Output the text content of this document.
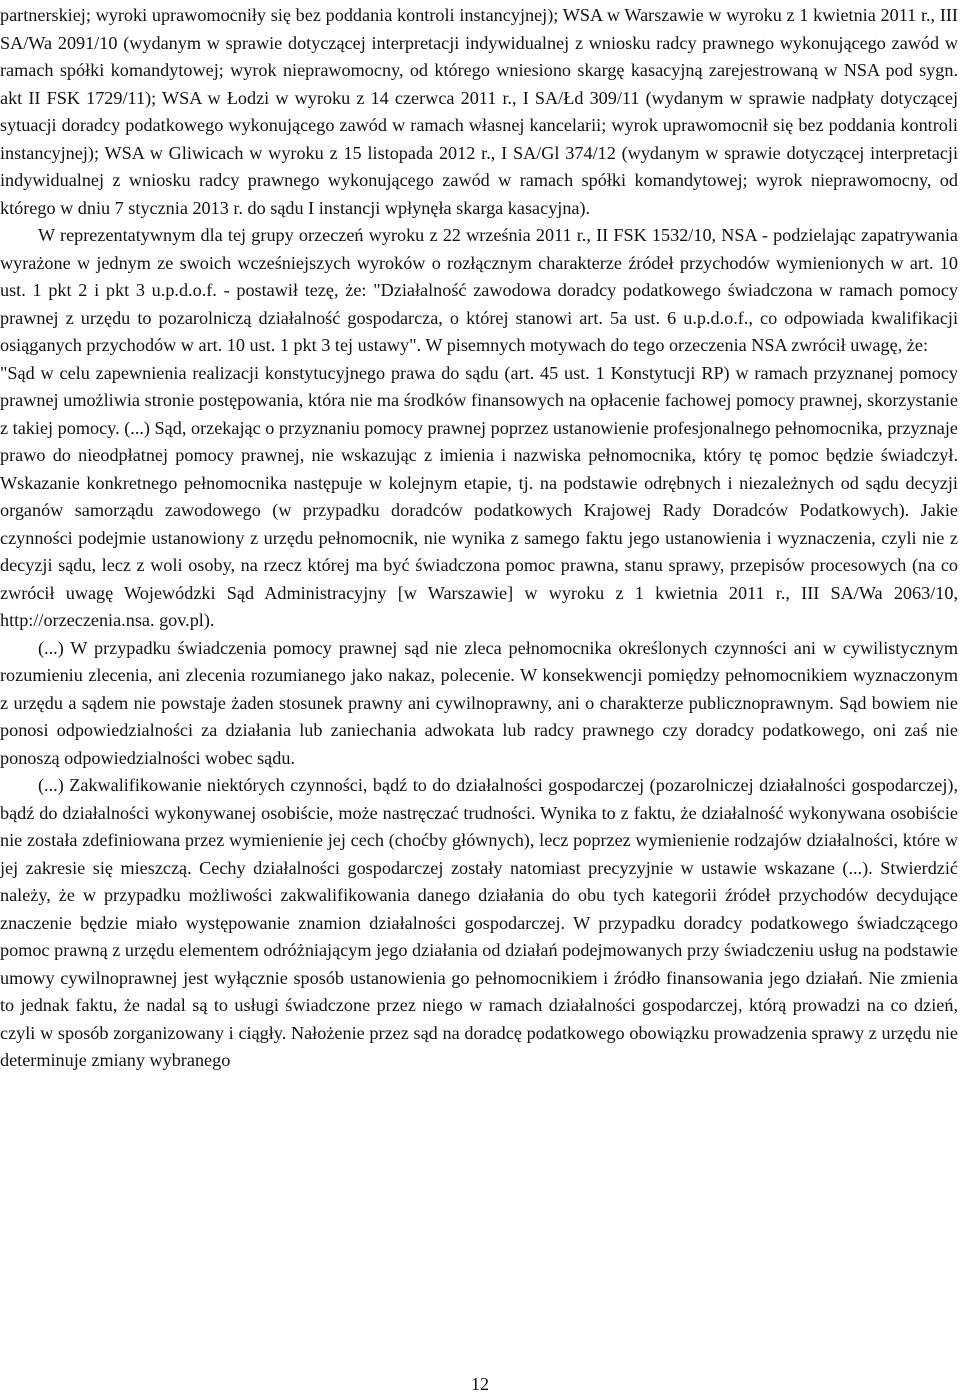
partnerskiej; wyroki uprawomocniły się bez poddania kontroli instancyjnej); WSA w Warszawie w wyroku z 1 kwietnia 2011 r., III SA/Wa 2091/10 (wydanym w sprawie dotyczącej interpretacji indywidualnej z wniosku radcy prawnego wykonującego zawód w ramach spółki komandytowej; wyrok nieprawomocny, od którego wniesiono skargę kasacyjną zarejestrowaną w NSA pod sygn. akt II FSK 1729/11); WSA w Łodzi w wyroku z 14 czerwca 2011 r., I SA/Łd 309/11 (wydanym w sprawie nadpłaty dotyczącej sytuacji doradcy podatkowego wykonującego zawód w ramach własnej kancelarii; wyrok uprawomocnił się bez poddania kontroli instancyjnej); WSA w Gliwicach w wyroku z 15 listopada 2012 r., I SA/Gl 374/12 (wydanym w sprawie dotyczącej interpretacji indywidualnej z wniosku radcy prawnego wykonującego zawód w ramach spółki komandytowej; wyrok nieprawomocny, od którego w dniu 7 stycznia 2013 r. do sądu I instancji wpłynęła skarga kasacyjna).

W reprezentatywnym dla tej grupy orzeczeń wyroku z 22 września 2011 r., II FSK 1532/10, NSA - podzielając zapatrywania wyrażone w jednym ze swoich wcześniejszych wyroków o rozłącznym charakterze źródeł przychodów wymienionych w art. 10 ust. 1 pkt 2 i pkt 3 u.p.d.o.f. - postawił tezę, że: "Działalność zawodowa doradcy podatkowego świadczona w ramach pomocy prawnej z urzędu to pozarolniczą działalność gospodarcza, o której stanowi art. 5a ust. 6 u.p.d.o.f., co odpowiada kwalifikacji osiąganych przychodów w art. 10 ust. 1 pkt 3 tej ustawy". W pisemnych motywach do tego orzeczenia NSA zwrócił uwagę, że:

"Sąd w celu zapewnienia realizacji konstytucyjnego prawa do sądu (art. 45 ust. 1 Konstytucji RP) w ramach przyznanej pomocy prawnej umożliwia stronie postępowania, która nie ma środków finansowych na opłacenie fachowej pomocy prawnej, skorzystanie z takiej pomocy. (...) Sąd, orzekając o przyznaniu pomocy prawnej poprzez ustanowienie profesjonalnego pełnomocnika, przyznaje prawo do nieodpłatnej pomocy prawnej, nie wskazując z imienia i nazwiska pełnomocnika, który tę pomoc będzie świadczył. Wskazanie konkretnego pełnomocnika następuje w kolejnym etapie, tj. na podstawie odrębnych i niezależnych od sądu decyzji organów samorządu zawodowego (w przypadku doradców podatkowych Krajowej Rady Doradców Podatkowych). Jakie czynności podejmie ustanowiony z urzędu pełnomocnik, nie wynika z samego faktu jego ustanowienia i wyznaczenia, czyli nie z decyzji sądu, lecz z woli osoby, na rzecz której ma być świadczona pomoc prawna, stanu sprawy, przepisów procesowych (na co zwrócił uwagę Wojewódzki Sąd Administracyjny [w Warszawie] w wyroku z 1 kwietnia 2011 r., III SA/Wa 2063/10, http://orzeczenia.nsa. gov.pl).

(...) W przypadku świadczenia pomocy prawnej sąd nie zleca pełnomocnika określonych czynności ani w cywilistycznym rozumieniu zlecenia, ani zlecenia rozumianego jako nakaz, polecenie. W konsekwencji pomiędzy pełnomocnikiem wyznaczonym z urzędu a sądem nie powstaje żaden stosunek prawny ani cywilnoprawny, ani o charakterze publicznoprawnym. Sąd bowiem nie ponosi odpowiedzialności za działania lub zaniechania adwokata lub radcy prawnego czy doradcy podatkowego, oni zaś nie ponoszą odpowiedzialności wobec sądu.

(...) Zakwalifikowanie niektórych czynności, bądź to do działalności gospodarczej (pozarolniczej działalności gospodarczej), bądź do działalności wykonywanej osobiście, może nastręczać trudności. Wynika to z faktu, że działalność wykonywana osobiście nie została zdefiniowana przez wymienienie jej cech (choćby głównych), lecz poprzez wymienienie rodzajów działalności, które w jej zakresie się mieszczą. Cechy działalności gospodarczej zostały natomiast precyzyjnie w ustawie wskazane (...). Stwierdzić należy, że w przypadku możliwości zakwalifikowania danego działania do obu tych kategorii źródeł przychodów decydujące znaczenie będzie miało występowanie znamion działalności gospodarczej. W przypadku doradcy podatkowego świadczącego pomoc prawną z urzędu elementem odróżniającym jego działania od działań podejmowanych przy świadczeniu usług na podstawie umowy cywilnoprawnej jest wyłącznie sposób ustanowienia go pełnomocnikiem i źródło finansowania jego działań. Nie zmienia to jednak faktu, że nadal są to usługi świadczone przez niego w ramach działalności gospodarczej, którą prowadzi na co dzień, czyli w sposób zorganizowany i ciągły. Nałożenie przez sąd na doradcę podatkowego obowiązku prowadzenia sprawy z urzędu nie determinuje zmiany wybranego

12
